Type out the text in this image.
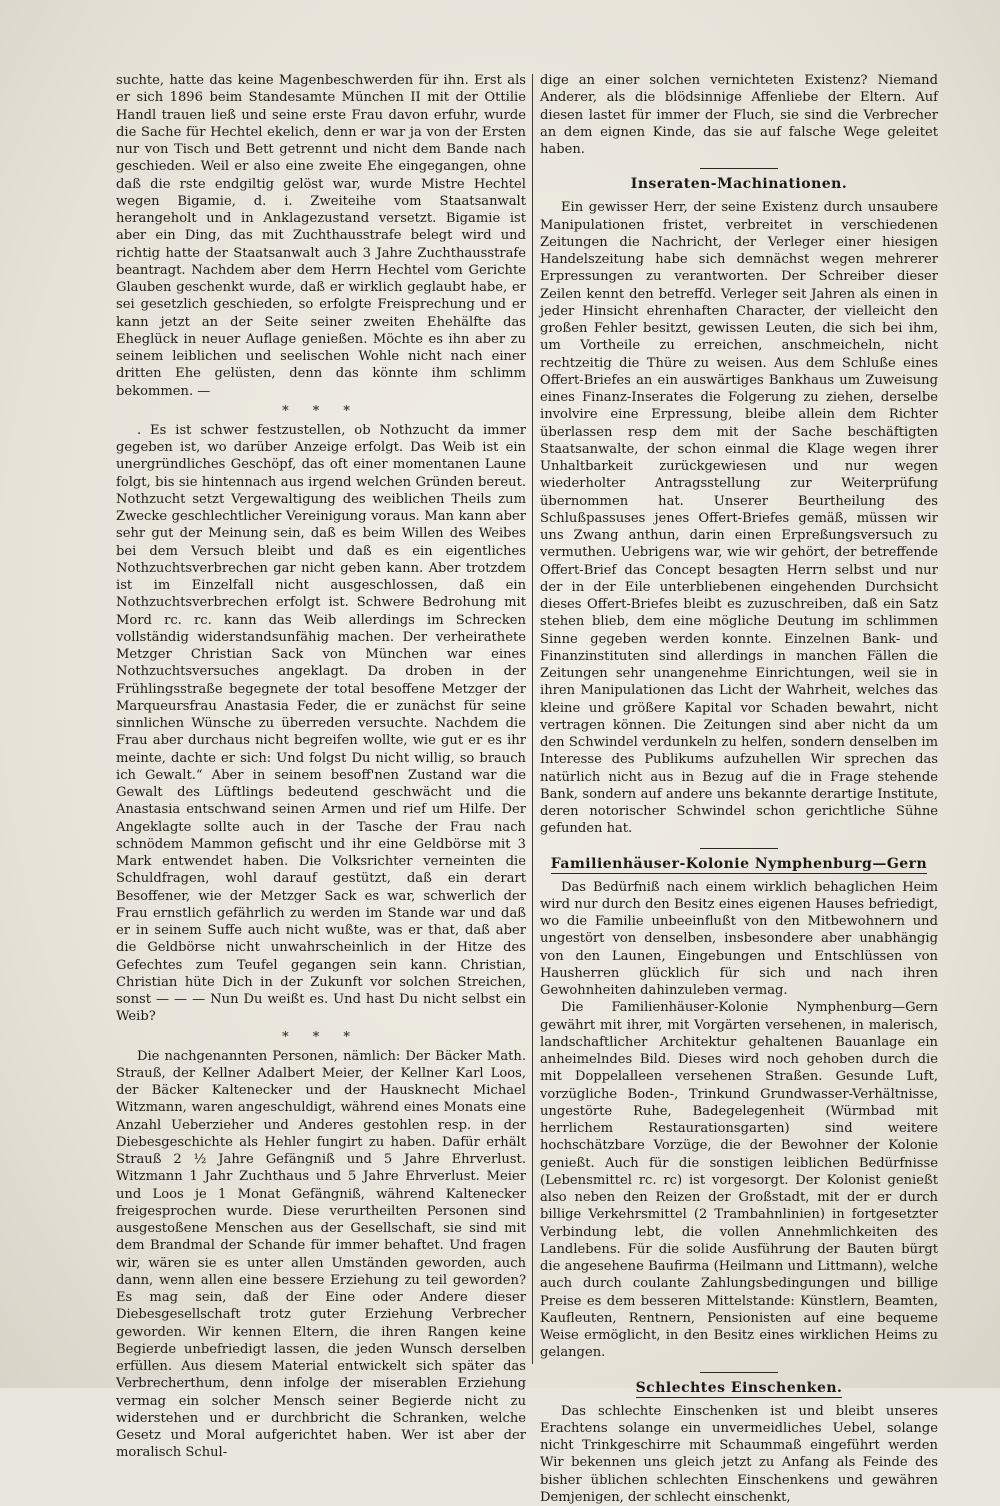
suchte, hatte das keine Magenbeschwerden für ihn. Erst als er sich 1896 beim Standesamte München II mit der Ottilie Handl trauen ließ und seine erste Frau davon erfuhr, wurde die Sache für Hechtel ekelich, denn er war ja von der Ersten nur von Tisch und Bett getrennt und nicht dem Bande nach geschieden. Weil er also eine zweite Ehe eingegangen, ohne daß die rste endgiltig gelöst war, wurde Mistre Hechtel wegen Bigamie, d. i. Zweiteihe vom Staatsanwalt herangeholt und in Anklagezustand versetzt. Bigamie ist aber ein Ding, das mit Zuchthausstrafe belegt wird und richtig hatte der Staatsanwalt auch 3 Jahre Zuchthausstrafe beantragt. Nachdem aber dem Herrn Hechtel vom Gerichte Glauben geschenkt wurde, daß er wirklich geglaubt habe, er sei gesetzlich geschieden, so erfolgte Freisprechung und er kann jetzt an der Seite seiner zweiten Ehehälfte das Eheglück in neuer Auflage genießen. Möchte es ihn aber zu seinem leiblichen und seelischen Wohle nicht nach einer dritten Ehe gelüsten, denn das könnte ihm schlimm bekommen. —

* * *

. Es ist schwer festzustellen, ob Nothzucht da immer gegeben ist, wo darüber Anzeige erfolgt. Das Weib ist ein unergründliches Geschöpf, das oft einer momentanen Laune folgt, bis sie hintennach aus irgend welchen Gründen bereut. Nothzucht setzt Vergewaltigung des weiblichen Theils zum Zwecke geschlechtlicher Vereinigung voraus. Man kann aber sehr gut der Meinung sein, daß es beim Willen des Weibes bei dem Versuch bleibt und daß es ein eigentliches Nothzuchtsverbrechen gar nicht geben kann. Aber trotzdem ist im Einzelfall nicht ausgeschlossen, daß ein Nothzuchtsverbrechen erfolgt ist. Schwere Bedrohung mit Mord rc. rc. kann das Weib allerdings im Schrecken vollständig widerstandsunfähig machen. Der verheirathete Metzger Christian Sack von München war eines Nothzuchtsversuches angeklagt. Da droben in der Frühlingsstraße begegnete der total besoffene Metzger der Marqueursfrau Anastasia Feder, die er zunächst für seine sinnlichen Wünsche zu überreden versuchte. Nachdem die Frau aber durchaus nicht begreifen wollte, wie gut er es ihr meinte, dachte er sich: Und folgst Du nicht willig, so brauch ich Gewalt.“ Aber in seinem besoff'nen Zustand war die Gewalt des Lüftlings bedeutend geschwächt und die Anastasia entschwand seinen Armen und rief um Hilfe. Der Angeklagte sollte auch in der Tasche der Frau nach schnödem Mammon gefischt und ihr eine Geldbörse mit 3 Mark entwendet haben. Die Volksrichter verneinten die Schuldfragen, wohl darauf gestützt, daß ein derart Besoffener, wie der Metzger Sack es war, schwerlich der Frau ernstlich gefährlich zu werden im Stande war und daß er in seinem Suffe auch nicht wußte, was er that, daß aber die Geldbörse nicht unwahrscheinlich in der Hitze des Gefechtes zum Teufel gegangen sein kann. Christian, Christian hüte Dich in der Zukunft vor solchen Streichen, sonst — — — Nun Du weißt es. Und hast Du nicht selbst ein Weib?

* * *

Die nachgenannten Personen, nämlich: Der Bäcker Math. Strauß, der Kellner Adalbert Meier, der Kellner Karl Loos, der Bäcker Kaltenecker und der Hausknecht Michael Witzmann, waren angeschuldigt, während eines Monats eine Anzahl Ueberzieher und Anderes gestohlen resp. in der Diebesgeschichte als Hehler fungirt zu haben. Dafür erhält Strauß 2 ½ Jahre Gefängniß und 5 Jahre Ehrverlust. Witzmann 1 Jahr Zuchthaus und 5 Jahre Ehrverlust. Meier und Loos je 1 Monat Gefängniß, während Kaltenecker freigesprochen wurde. Diese verurtheilten Personen sind ausgestoßene Menschen aus der Gesellschaft, sie sind mit dem Brandmal der Schande für immer behaftet. Und fragen wir, wären sie es unter allen Umständen geworden, auch dann, wenn allen eine bessere Erziehung zu teil geworden? Es mag sein, daß der Eine oder Andere dieser Diebesgesellschaft trotz guter Erziehung Verbrecher geworden. Wir kennen Eltern, die ihren Rangen keine Begierde unbefriedigt lassen, die jeden Wunsch derselben erfüllen. Aus diesem Material entwickelt sich später das Verbrecherthum, denn infolge der miserablen Erziehung vermag ein solcher Mensch seiner Begierde nicht zu widerstehen und er durchbricht die Schranken, welche Gesetz und Moral aufgerichtet haben. Wer ist aber der moralisch Schul-

dige an einer solchen vernichteten Existenz? Niemand Anderer, als die blödsinnige Affenliebe der Eltern. Auf diesen lastet für immer der Fluch, sie sind die Verbrecher an dem eignen Kinde, das sie auf falsche Wege geleitet haben.

Inseraten-Machinationen.

Ein gewisser Herr, der seine Existenz durch unsaubere Manipulationen fristet, verbreitet in verschiedenen Zeitungen die Nachricht, der Verleger einer hiesigen Handelszeitung habe sich demnächst wegen mehrerer Erpressungen zu verantworten. Der Schreiber dieser Zeilen kennt den betreffd. Verleger seit Jahren als einen in jeder Hinsicht ehrenhaften Character, der vielleicht den großen Fehler besitzt, gewissen Leuten, die sich bei ihm, um Vortheile zu erreichen, anschmeicheln, nicht rechtzeitig die Thüre zu weisen. Aus dem Schluße eines Offert-Briefes an ein auswärtiges Bankhaus um Zuweisung eines Finanz-Inserates die Folgerung zu ziehen, derselbe involvire eine Erpressung, bleibe allein dem Richter überlassen resp dem mit der Sache beschäftigten Staatsanwalte, der schon einmal die Klage wegen ihrer Unhaltbarkeit zurückgewiesen und nur wegen wiederholter Antragsstellung zur Weiterprüfung übernommen hat. Unserer Beurtheilung des Schlußpassuses jenes Offert-Briefes gemäß, müssen wir uns Zwang anthun, darin einen Erpreßungsversuch zu vermuthen. Uebrigens war, wie wir gehört, der betreffende Offert-Brief das Concept besagten Herrn selbst und nur der in der Eile unterbliebenen eingehenden Durchsicht dieses Offert-Briefes bleibt es zuzuschreiben, daß ein Satz stehen blieb, dem eine mögliche Deutung im schlimmen Sinne gegeben werden konnte. Einzelnen Bank- und Finanzinstituten sind allerdings in manchen Fällen die Zeitungen sehr unangenehme Einrichtungen, weil sie in ihren Manipulationen das Licht der Wahrheit, welches das kleine und größere Kapital vor Schaden bewahrt, nicht vertragen können. Die Zeitungen sind aber nicht da um den Schwindel verdunkeln zu helfen, sondern denselben im Interesse des Publikums aufzuhellen Wir sprechen das natürlich nicht aus in Bezug auf die in Frage stehende Bank, sondern auf andere uns bekannte derartige Institute, deren notorischer Schwindel schon gerichtliche Sühne gefunden hat.

Familienhäuser-Kolonie Nymphenburg—Gern

Das Bedürfniß nach einem wirklich behaglichen Heim wird nur durch den Besitz eines eigenen Hauses befriedigt, wo die Familie unbeeinflußt von den Mitbewohnern und ungestört von denselben, insbesondere aber unabhängig von den Launen, Eingebungen und Entschlüssen von Hausherren glücklich für sich und nach ihren Gewohnheiten dahinzuleben vermag.

Die Familienhäuser-Kolonie Nymphenburg—Gern gewährt mit ihrer, mit Vorgärten versehenen, in malerisch, landschaftlicher Architektur gehaltenen Bauanlage ein anheimelndes Bild. Dieses wird noch gehoben durch die mit Doppelalleen versehenen Straßen. Gesunde Luft, vorzügliche Boden-, Trinkund Grundwasser-Verhältnisse, ungestörte Ruhe, Badegelegenheit (Würmbad mit herrlichem Restaurationsgarten) sind weitere hochschätzbare Vorzüge, die der Bewohner der Kolonie genießt. Auch für die sonstigen leiblichen Bedürfnisse (Lebensmittel rc. rc) ist vorgesorgt. Der Kolonist genießt also neben den Reizen der Großstadt, mit der er durch billige Verkehrsmittel (2 Trambahnlinien) in fortgesetzter Verbindung lebt, die vollen Annehmlichkeiten des Landlebens. Für die solide Ausführung der Bauten bürgt die angesehene Baufirma (Heilmann und Littmann), welche auch durch coulante Zahlungsbedingungen und billige Preise es dem besseren Mittelstande: Künstlern, Beamten, Kaufleuten, Rentnern, Pensionisten auf eine bequeme Weise ermöglicht, in den Besitz eines wirklichen Heims zu gelangen.

Schlechtes Einschenken.

Das schlechte Einschenken ist und bleibt unseres Erachtens solange ein unvermeidliches Uebel, solange nicht Trinkgeschirre mit Schaummaß eingeführt werden Wir bekennen uns gleich jetzt zu Anfang als Feinde des bisher üblichen schlechten Einschenkens und gewähren Demjenigen, der schlecht einschenkt,
